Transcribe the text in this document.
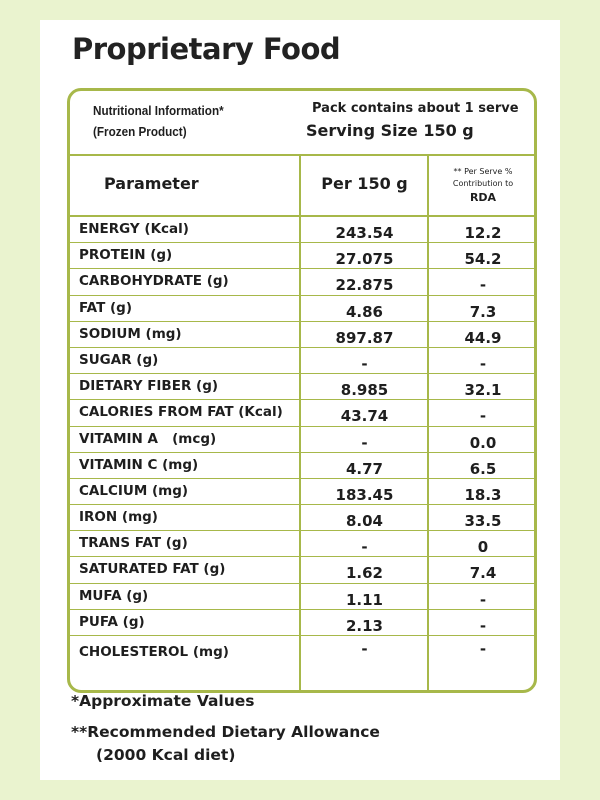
Proprietary Food
Nutritional Information*
(Frozen Product)
Pack contains about 1 serve
Serving Size 150 g
Parameter	Per 150 g
** Per Serve %
Contribution to
RDA
ENERGY (Kcal)	243.54	12.2
PROTEIN (g)	27.075	54.2
CARBOHYDRATE (g)	22.875	-
FAT (g)	4.86	7.3
SODIUM (mg)	897.87	44.9
SUGAR (g)	-	-
DIETARY FIBER (g)	8.985	32.1
CALORIES FROM FAT (Kcal)	43.74	-
VITAMIN A   (mcg)	-	0.0
VITAMIN C (mg)	4.77	6.5
CALCIUM (mg)	183.45	18.3
IRON (mg)	8.04	33.5
TRANS FAT (g)	-	0
SATURATED FAT (g)	1.62	7.4
MUFA (g)	1.11	-
PUFA (g)	2.13	-
CHOLESTEROL (mg)	-	-
*Approximate Values
**Recommended Dietary Allowance
(2000 Kcal diet)
